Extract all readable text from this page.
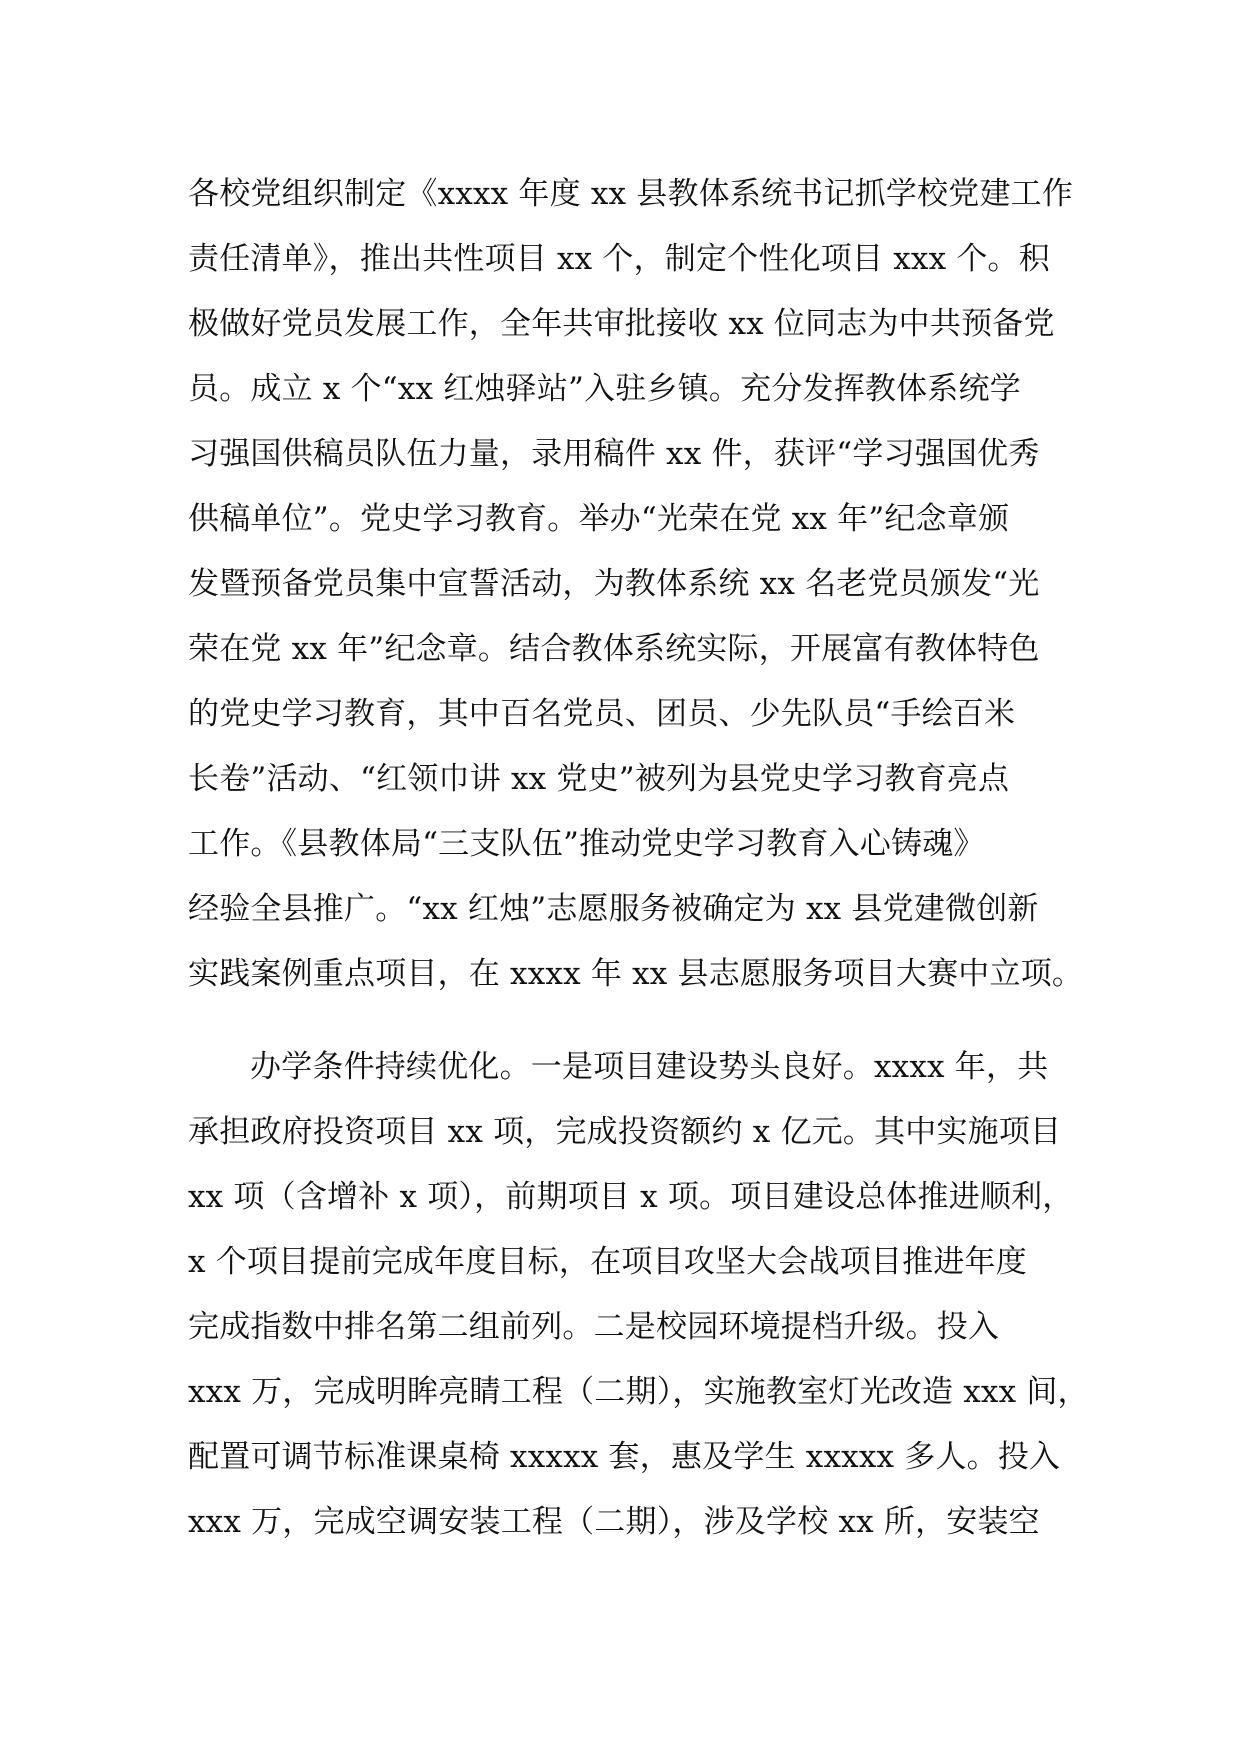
各校党组织制定《xxxx 年度 xx 县教体系统书记抓学校党建工作
责任清单》，推出共性项目 xx 个，制定个性化项目 xxx 个。积
极做好党员发展工作，全年共审批接收 xx 位同志为中共预备党
员。成立 x 个“xx 红烛驿站”入驻乡镇。充分发挥教体系统学
习强国供稿员队伍力量，录用稿件 xx 件，获评“学习强国优秀
供稿单位”。党史学习教育。举办“光荣在党 xx 年”纪念章颁
发暨预备党员集中宣誓活动，为教体系统 xx 名老党员颁发“光
荣在党 xx 年”纪念章。结合教体系统实际，开展富有教体特色
的党史学习教育，其中百名党员、团员、少先队员“手绘百米
长卷”活动、“红领巾讲 xx 党史”被列为县党史学习教育亮点
工作。《县教体局“三支队伍”推动党史学习教育入心铸魂》
经验全县推广。“xx 红烛”志愿服务被确定为 xx 县党建微创新
实践案例重点项目，在 xxxx 年 xx 县志愿服务项目大赛中立项。
办学条件持续优化。一是项目建设势头良好。xxxx 年，共
承担政府投资项目 xx 项，完成投资额约 x 亿元。其中实施项目
xx 项（含增补 x 项），前期项目 x 项。项目建设总体推进顺利，
x 个项目提前完成年度目标，在项目攻坚大会战项目推进年度
完成指数中排名第二组前列。二是校园环境提档升级。投入
xxx 万，完成明眸亮睛工程（二期），实施教室灯光改造 xxx 间，
配置可调节标准课桌椅 xxxxx 套，惠及学生 xxxxx 多人。投入
xxx 万，完成空调安装工程（二期），涉及学校 xx 所，安装空
